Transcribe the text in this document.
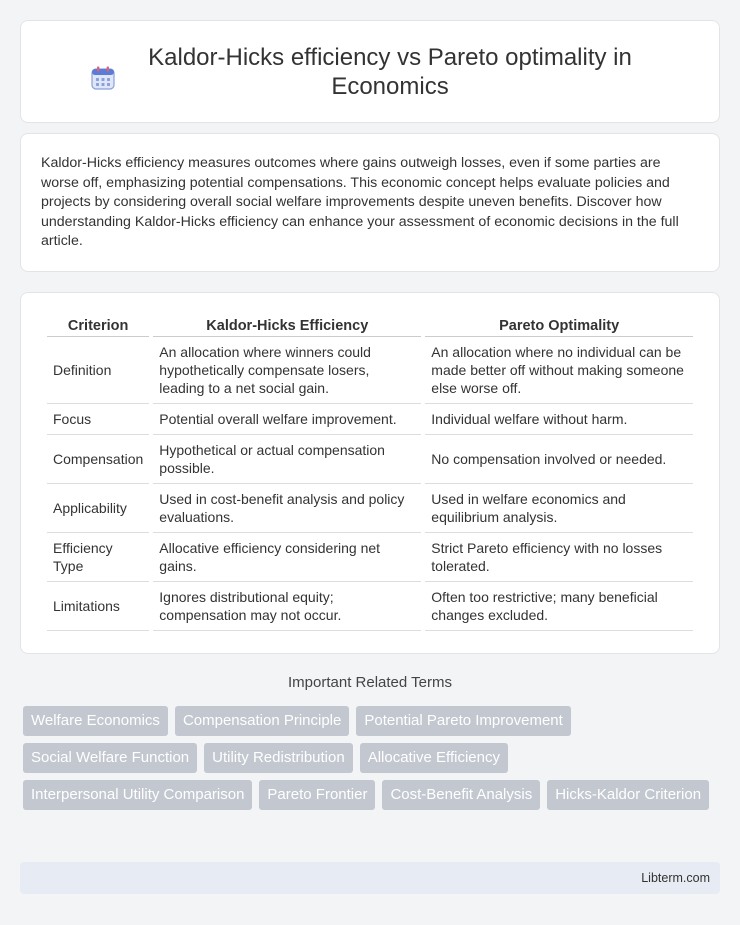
Kaldor-Hicks efficiency vs Pareto optimality in Economics

Kaldor-Hicks efficiency measures outcomes where gains outweigh losses, even if some parties are worse off, emphasizing potential compensations. This economic concept helps evaluate policies and projects by considering overall social welfare improvements despite uneven benefits. Discover how understanding Kaldor-Hicks efficiency can enhance your assessment of economic decisions in the full article.

Criterion	Kaldor-Hicks Efficiency	Pareto Optimality
Definition	An allocation where winners could hypothetically compensate losers, leading to a net social gain.	An allocation where no individual can be made better off without making someone else worse off.
Focus	Potential overall welfare improvement.	Individual welfare without harm.
Compensation	Hypothetical or actual compensation possible.	No compensation involved or needed.
Applicability	Used in cost-benefit analysis and policy evaluations.	Used in welfare economics and equilibrium analysis.
Efficiency Type	Allocative efficiency considering net gains.	Strict Pareto efficiency with no losses tolerated.
Limitations	Ignores distributional equity; compensation may not occur.	Often too restrictive; many beneficial changes excluded.
Important Related Terms
Welfare Economics	Compensation Principle	Potential Pareto Improvement
Social Welfare Function	Utility Redistribution	Allocative Efficiency
Interpersonal Utility Comparison	Pareto Frontier	Cost-Benefit Analysis	Hicks-Kaldor Criterion
Libterm.com
